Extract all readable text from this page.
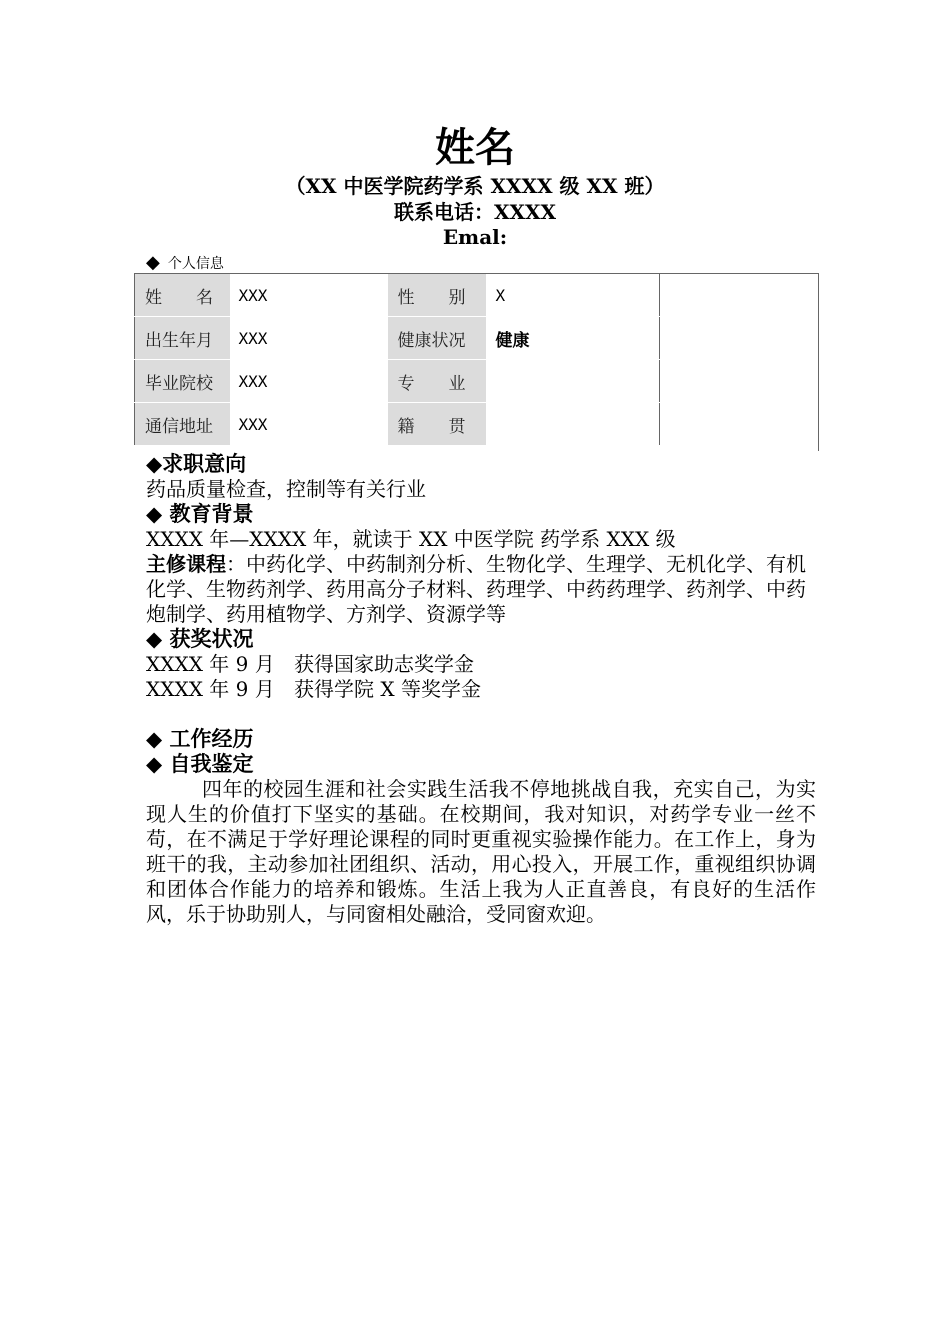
姓名
（XX 中医学院药学系 XXXX 级 XX 班）
联系电话：XXXX
Emal:
◆ 个人信息
姓　　名	XXX	性　　别	X
出生年月	XXX	健康状况	健康
毕业院校	XXX	专　　业	
通信地址	XXX	籍　　贯	
◆求职意向
药品质量检查，控制等有关行业
◆ 教育背景
XXXX 年—XXXX 年，就读于 XX 中医学院 药学系 XXX 级
主修课程：中药化学、中药制剂分析、生物化学、生理学、无机化学、有机化学、生物药剂学、药用高分子材料、药理学、中药药理学、药剂学、中药炮制学、药用植物学、方剂学、资源学等
◆ 获奖状况
XXXX 年 9 月 获得国家助志奖学金
XXXX 年 9 月 获得学院 X 等奖学金
◆ 工作经历
◆ 自我鉴定
四年的校园生涯和社会实践生活我不停地挑战自我，充实自己，为实现人生的价值打下坚实的基础。在校期间，我对知识，对药学专业一丝不苟，在不满足于学好理论课程的同时更重视实验操作能力。在工作上，身为班干的我，主动参加社团组织、活动，用心投入，开展工作，重视组织协调和团体合作能力的培养和锻炼。生活上我为人正直善良，有良好的生活作风，乐于协助别人，与同窗相处融洽，受同窗欢迎。
